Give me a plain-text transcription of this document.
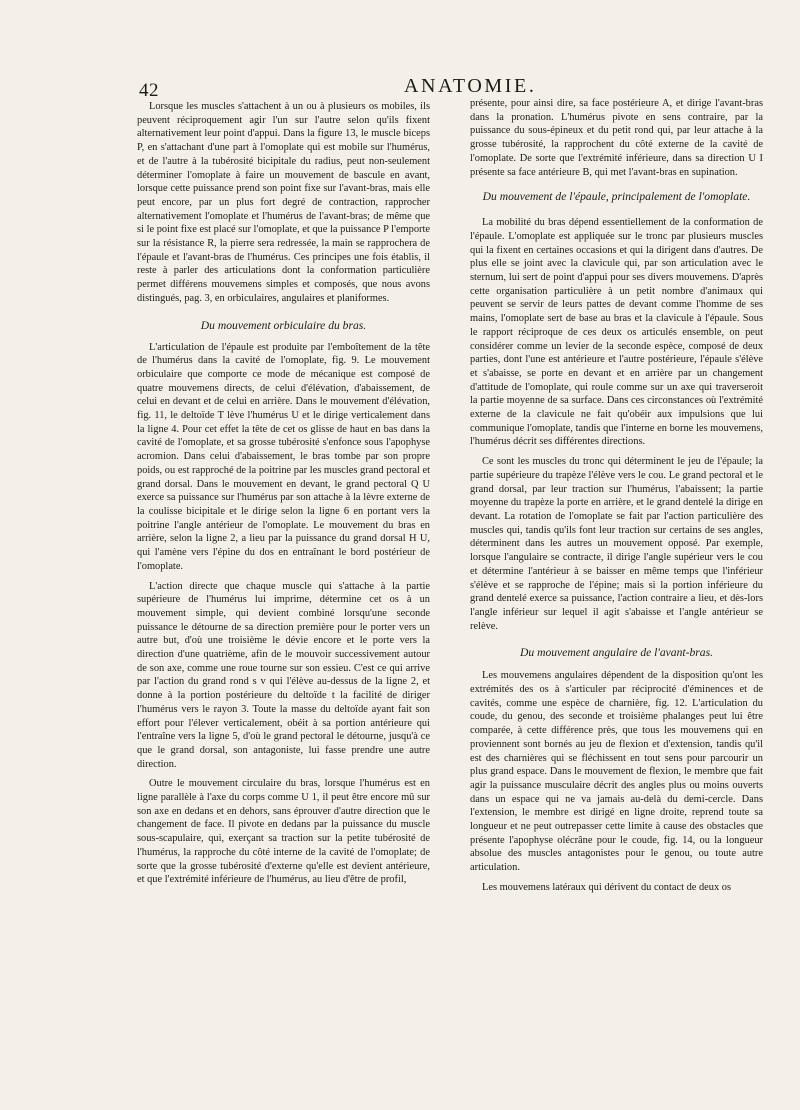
42	ANATOMIE.

Lorsque les muscles s'attachent à un ou à plusieurs os mobiles, ils peuvent réciproquement agir l'un sur l'autre selon qu'ils fixent alternativement leur point d'appui. Dans la figure 13, le muscle biceps P, en s'attachant d'une part à l'omoplate qui est mobile sur l'humérus, et de l'autre à la tubérosité bicipitale du radius, peut non-seulement déterminer l'omoplate à faire un mouvement de bascule en avant, lorsque cette puissance prend son point fixe sur l'avant-bras, mais elle peut encore, par un plus fort degré de contraction, rapprocher alternativement l'omoplate et l'humérus de l'avant-bras; de même que si le point fixe est placé sur l'omoplate, et que la puissance P l'emporte sur la résistance R, la pierre sera redressée, la main se rapprochera de l'épaule et l'avant-bras de l'humérus. Ces principes une fois établis, il reste à parler des articulations dont la conformation particulière permet différens mouvemens simples et composés, que nous avons distingués, pag. 3, en orbiculaires, angulaires et planiformes.

Du mouvement orbiculaire du bras.

L'articulation de l'épaule est produite par l'emboîtement de la tête de l'humérus dans la cavité de l'omoplate, fig. 9. Le mouvement orbiculaire que comporte ce mode de mécanique est composé de quatre mouvemens directs, de celui d'élévation, d'abaissement, de celui en devant et de celui en arrière. Dans le mouvement d'élévation, fig. 11, le deltoïde T lève l'humérus U et le dirige verticalement dans la ligne 4. Pour cet effet la tête de cet os glisse de haut en bas dans la cavité de l'omoplate, et sa grosse tubérosité s'enfonce sous l'apophyse acromion. Dans celui d'abaissement, le bras tombe par son propre poids, ou est rapproché de la poitrine par les muscles grand pectoral et grand dorsal. Dans le mouvement en devant, le grand pectoral Q U exerce sa puissance sur l'humérus par son attache à la lèvre externe de la coulisse bicipitale et le dirige selon la ligne 6 en portant vers la poitrine l'angle antérieur de l'omoplate. Le mouvement du bras en arrière, selon la ligne 2, a lieu par la puissance du grand dorsal H U, qui l'amène vers l'épine du dos en entraînant le bord postérieur de l'omoplate.

L'action directe que chaque muscle qui s'attache à la partie supérieure de l'humérus lui imprime, détermine cet os à un mouvement simple, qui devient combiné lorsqu'une seconde puissance le détourne de sa direction première pour le porter vers un autre but, d'où une troisième le dévie encore et le porte vers la direction d'une quatrième, afin de le mouvoir successivement autour de son axe, comme une roue tourne sur son essieu. C'est ce qui arrive par l'action du grand rond s v qui l'élève au-dessus de la ligne 2, et donne à la portion postérieure du deltoïde t la facilité de diriger l'humérus vers le rayon 3. Toute la masse du deltoïde ayant fait son effort pour l'élever verticalement, obéit à sa portion antérieure qui l'entraîne vers la ligne 5, d'où le grand pectoral le détourne, jusqu'à ce que le grand dorsal, son antagoniste, lui fasse prendre une autre direction.

Outre le mouvement circulaire du bras, lorsque l'humérus est en ligne parallèle à l'axe du corps comme U 1, il peut être encore mû sur son axe en dedans et en dehors, sans éprouver d'autre direction que le changement de face. Il pivote en dedans par la puissance du muscle sous-scapulaire, qui, exerçant sa traction sur la petite tubérosité de l'humérus, la rapproche du côté interne de la cavité de l'omoplate; de sorte que la grosse tubérosité d'externe qu'elle est devient antérieure, et que l'extrémité inférieure de l'humérus, au lieu d'être de profil,

présente, pour ainsi dire, sa face postérieure A, et dirige l'avant-bras dans la pronation. L'humérus pivote en sens contraire, par la puissance du sous-épineux et du petit rond qui, par leur attache à la grosse tubérosité, la rapprochent du côté externe de la cavité de l'omoplate. De sorte que l'extrémité inférieure, dans sa direction U I présente sa face antérieure B, qui met l'avant-bras en supination.

Du mouvement de l'épaule, principalement de l'omoplate.

La mobilité du bras dépend essentiellement de la conformation de l'épaule. L'omoplate est appliquée sur le tronc par plusieurs muscles qui la fixent en certaines occasions et qui la dirigent dans d'autres. De plus elle se joint avec la clavicule qui, par son articulation avec le sternum, lui sert de point d'appui pour ses divers mouvemens. D'après cette organisation particulière à un petit nombre d'animaux qui peuvent se servir de leurs pattes de devant comme l'homme de ses mains, l'omoplate sert de base au bras et la clavicule à l'épaule. Sous le rapport réciproque de ces deux os articulés ensemble, on peut considérer comme un levier de la seconde espèce, composé de deux parties, dont l'une est antérieure et l'autre postérieure, l'épaule s'élève et s'abaisse, se porte en devant et en arrière par un changement d'attitude de l'omoplate, qui roule comme sur un axe qui traverseroit la partie moyenne de sa surface. Dans ces circonstances où l'extrémité externe de la clavicule ne fait qu'obéir aux impulsions que lui communique l'omoplate, tandis que l'interne en borne les mouvemens, l'humérus décrit ses différentes directions.

Ce sont les muscles du tronc qui déterminent le jeu de l'épaule; la partie supérieure du trapèze l'élève vers le cou. Le grand pectoral et le grand dorsal, par leur traction sur l'humérus, l'abaissent; la partie moyenne du trapèze la porte en arrière, et le grand dentelé la dirige en devant. La rotation de l'omoplate se fait par l'action particulière des muscles qui, tandis qu'ils font leur traction sur certains de ses angles, déterminent dans les autres un mouvement opposé. Par exemple, lorsque l'angulaire se contracte, il dirige l'angle supérieur vers le cou et détermine l'antérieur à se baisser en même temps que l'inférieur s'élève et se rapproche de l'épine; mais si la portion inférieure du grand dentelé exerce sa puissance, l'action contraire a lieu, et dès-lors l'angle inférieur sur lequel il agit s'abaisse et l'angle antérieur se relève.

Du mouvement angulaire de l'avant-bras.

Les mouvemens angulaires dépendent de la disposition qu'ont les extrémités des os à s'articuler par réciprocité d'éminences et de cavités, comme une espèce de charnière, fig. 12. L'articulation du coude, du genou, des seconde et troisième phalanges peut lui être comparée, à cette différence près, que tous les mouvemens qui en proviennent sont bornés au jeu de flexion et d'extension, tandis qu'il est des charnières qui se fléchissent en tout sens pour parcourir un plus grand espace. Dans le mouvement de flexion, le membre que fait agir la puissance musculaire décrit des angles plus ou moins ouverts dans un espace qui ne va jamais au-delà du demi-cercle. Dans l'extension, le membre est dirigé en ligne droite, reprend toute sa longueur et ne peut outrepasser cette limite à cause des obstacles que présente l'apophyse olécrâne pour le coude, fig. 14, ou la longueur absolue des muscles antagonistes pour le genou, ou toute autre articulation.

Les mouvemens latéraux qui dérivent du contact de deux os
